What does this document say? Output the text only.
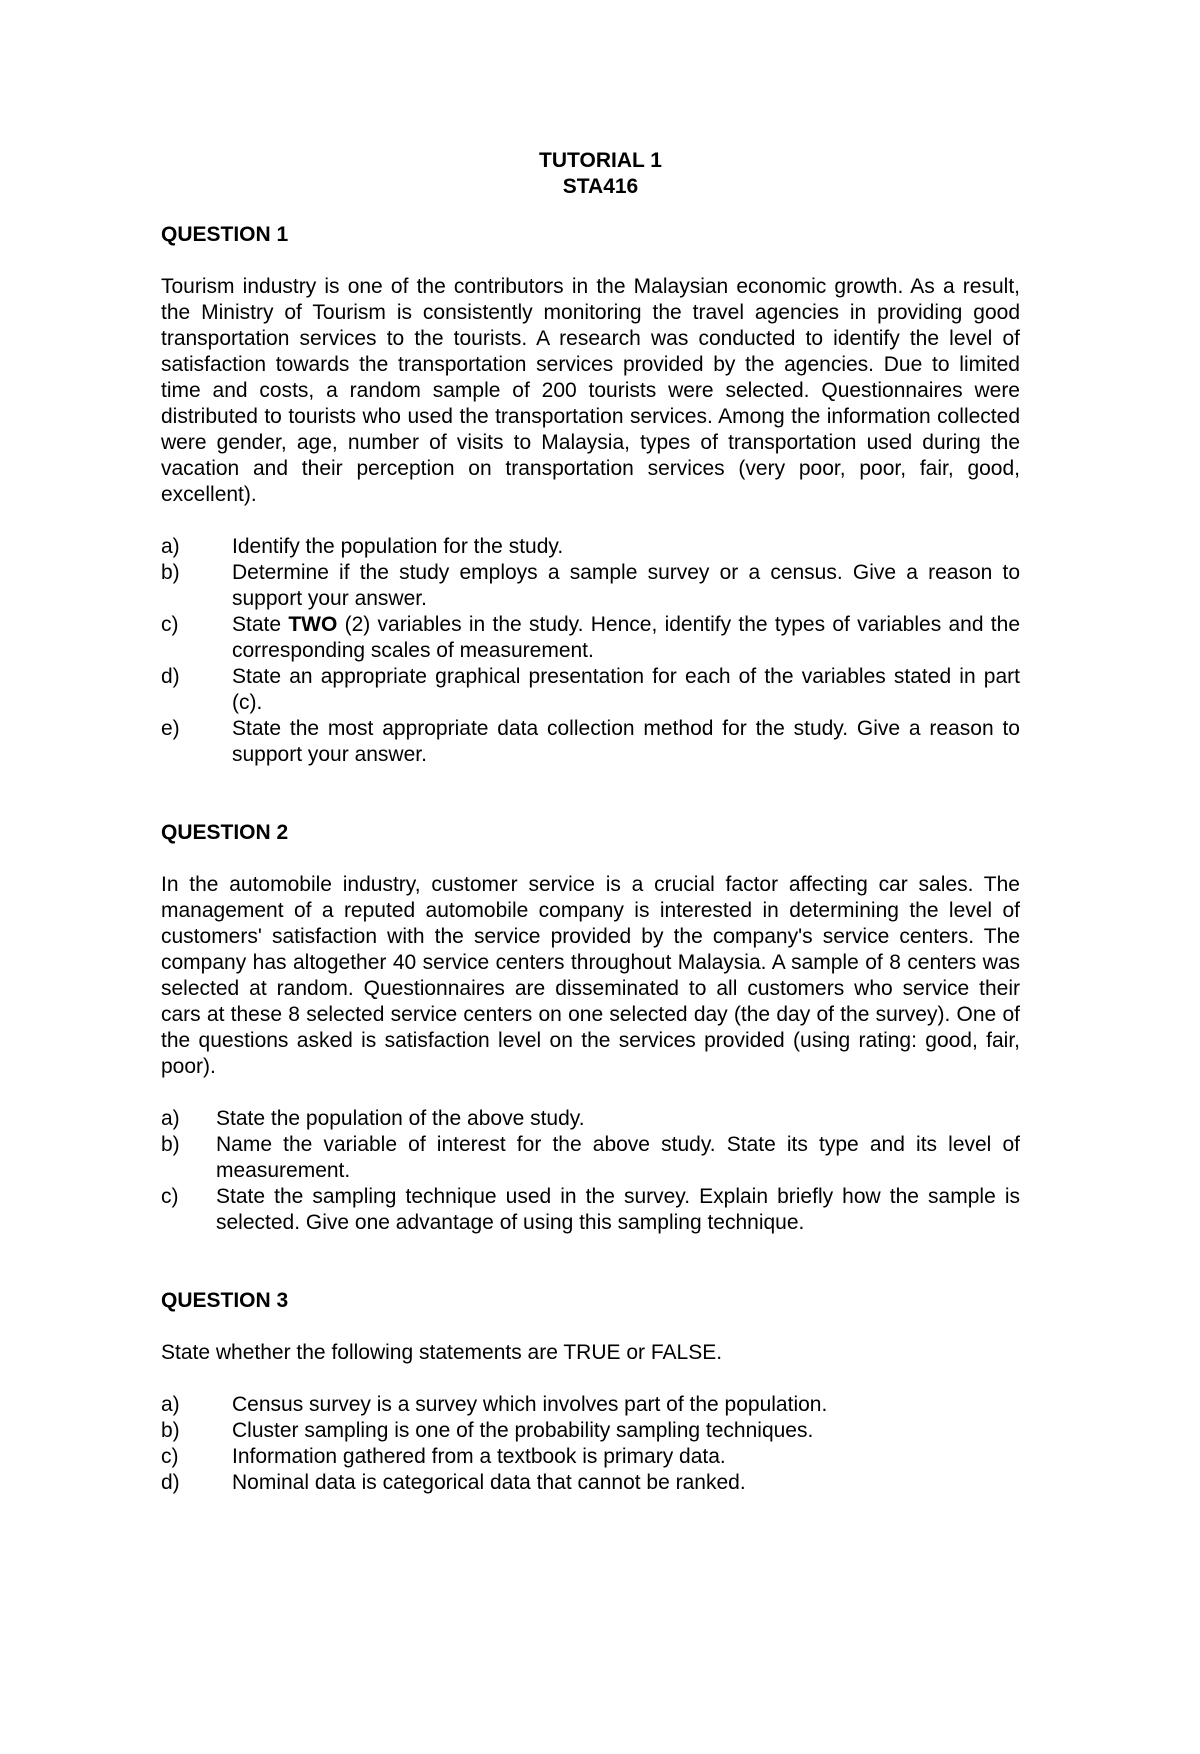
TUTORIAL 1
STA416
QUESTION 1

Tourism industry is one of the contributors in the Malaysian economic growth. As a result, the Ministry of Tourism is consistently monitoring the travel agencies in providing good transportation services to the tourists. A research was conducted to identify the level of satisfaction towards the transportation services provided by the agencies. Due to limited time and costs, a random sample of 200 tourists were selected. Questionnaires were distributed to tourists who used the transportation services. Among the information collected were gender, age, number of visits to Malaysia, types of transportation used during the vacation and their perception on transportation services (very poor, poor, fair, good, excellent).

a)	Identify the population for the study.
b)	Determine if the study employs a sample survey or a census. Give a reason to support your answer.
c)	State TWO (2) variables in the study. Hence, identify the types of variables and the corresponding scales of measurement.
d)	State an appropriate graphical presentation for each of the variables stated in part (c).
e)	State the most appropriate data collection method for the study. Give a reason to support your answer.
QUESTION 2

In the automobile industry, customer service is a crucial factor affecting car sales. The management of a reputed automobile company is interested in determining the level of customers' satisfaction with the service provided by the company's service centers. The company has altogether 40 service centers throughout Malaysia. A sample of 8 centers was selected at random. Questionnaires are disseminated to all customers who service their cars at these 8 selected service centers on one selected day (the day of the survey). One of the questions asked is satisfaction level on the services provided (using rating: good, fair, poor).

a)	State the population of the above study.
b)	Name the variable of interest for the above study. State its type and its level of measurement.
c)	State the sampling technique used in the survey. Explain briefly how the sample is selected. Give one advantage of using this sampling technique.
QUESTION 3

State whether the following statements are TRUE or FALSE.

a)	Census survey is a survey which involves part of the population.
b)	Cluster sampling is one of the probability sampling techniques.
c)	Information gathered from a textbook is primary data.
d)	Nominal data is categorical data that cannot be ranked.
